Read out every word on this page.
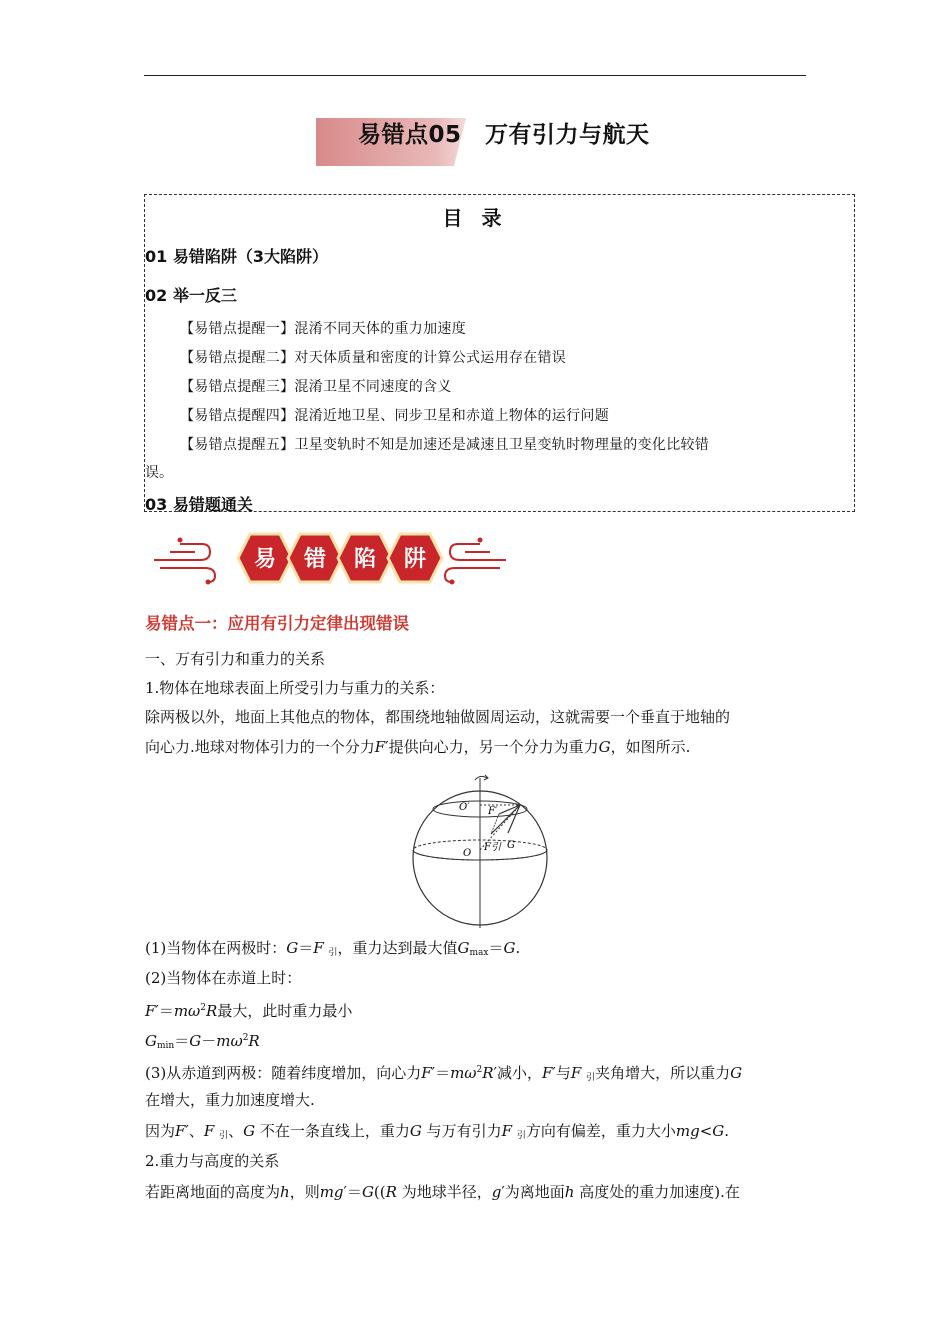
易错点05　万有引力与航天
目 录
01 易错陷阱（3大陷阱）
02 举一反三
【易错点提醒一】混淆不同天体的重力加速度
【易错点提醒二】对天体质量和密度的计算公式运用存在错误
【易错点提醒三】混淆卫星不同速度的含义
【易错点提醒四】混淆近地卫星、同步卫星和赤道上物体的运行问题
【易错点提醒五】卫星变轨时不知是加速还是减速且卫星变轨时物理量的变化比较错
误。
03 易错题通关
易 错 陷 阱
易错点一：应用有引力定律出现错误
一、万有引力和重力的关系
1.物体在地球表面上所受引力与重力的关系：
除两极以外，地面上其他点的物体，都围绕地轴做圆周运动，这就需要一个垂直于地轴的
向心力.地球对物体引力的一个分力F′提供向心力，另一个分力为重力G，如图所示.
O′
O
F′
F引 G
(1)当物体在两极时：G＝F $_引$，重力达到最大值$G_{max}=G$.
(2)当物体在赤道上时：
$F'=m\omega^2R$最大，此时重力最小
$G_{min}=G-m\omega^2R$
(3)从赤道到两极：随着纬度增加，向心力$F'=m\omega^2R'$减小，F′与F $_引$夹角增大，所以重力G
在增大，重力加速度增大.
因为F′、F $_引$、G 不在一条直线上，重力G 与万有引力F $_引$方向有偏差，重力大小mg<G.
2.重力与高度的关系
若距离地面的高度为h，则mg′＝G((R 为地球半径，g′为离地面h 高度处的重力加速度).在
